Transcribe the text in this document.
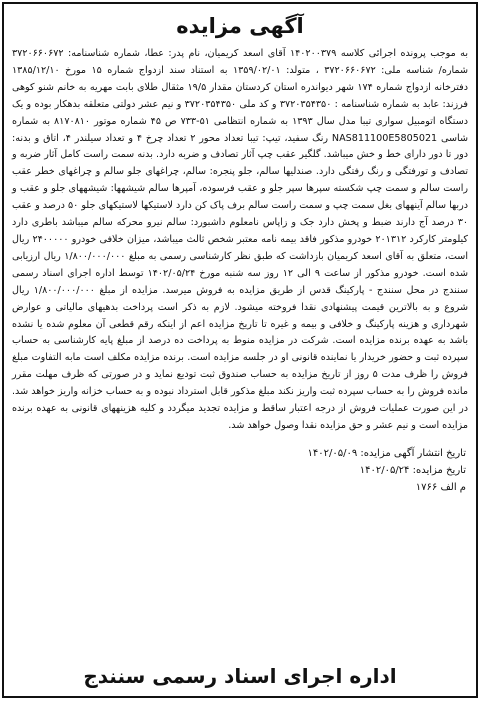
آگهی مزایده
به موجب پرونده اجرائی کلاسه ۱۴۰۲۰۰۳۷۹ آقای اسعد کریمیان، نام پدر: عطا، شماره شناسنامه: ۳۷۲۰۶۶۰۶۷۲ شماره/ شناسه ملی: ۳۷۲۰۶۶۰۶۷۲ ، متولد: ۱۳۵۹/۰۲/۰۱ به استناد سند ازدواج شماره ۱۵ مورخ ۱۳۸۵/۱۲/۱۰ دفترخانه ازدواج شماره ۱۷۴ شهر دیواندره استان کردستان مقدار ۱۹/۵ مثقال طلای بابت مهریه به خانم شنو کوهی فرزند: عابد به شماره شناسنامه : ۳۷۲۰۳۵۴۳۵۰ و کد ملی ۳۷۲۰۳۵۴۳۵۰ و نیم عشر دولتی متعلقه بدهکار بوده و یک دستگاه اتومبیل سواری تیبا مدل سال ۱۳۹۳ به شماره انتظامی ۵۱-۷۳۳ ص ۴۵ شماره موتور ۸۱۷۰۸۱۰ به شماره شاسی NAS811100E5805021 رنگ سفید، تیپ: تیبا تعداد محور ۲ تعداد چرخ ۴ و تعداد سیلندر ۴، اتاق و بدنه: دور تا دور دارای خط و خش میباشد. گلگیر عقب چپ آثار تصادف و ضربه دارد. بدنه سمت راست کامل آثار ضربه و تصادف و تورفتگی و رنگ رفتگی دارد. صندلیها سالم، جلو پنجره: سالم، چراغهای جلو سالم و چراغهای خطر عقب راست سالم و سمت چپ شکسته سپرها سپر جلو و عقب فرسوده، آمپرها سالم شیشهها: شیشههای جلو و عقب و دربها سالم آینههای بغل سمت چپ و سمت راست سالم برف پاک کن دارد لاستیکها لاستیکهای جلو ۵۰ درصد و عقب ۳۰ درصد آج دارند ضبط و پخش دارد جک و زاپاس نامعلوم داشبورد: سالم نیرو محرکه سالم میباشد باطری دارد کیلومتر کارکرد ۲۰۱۳۱۲ خودرو مذکور فاقد بیمه نامه معتبر شخص ثالث میباشد، میزان خلافی خودرو ۲۴۰۰۰۰۰ ریال است، متعلق به آقای اسعد کریمیان بازداشت که طبق نظر کارشناسی رسمی به مبلغ ۱/۸۰۰/۰۰۰/۰۰۰ ریال ارزیابی شده است. خودرو مذکور از ساعت ۹ الی ۱۲ روز سه شنبه مورخ ۱۴۰۲/۰۵/۲۴ توسط اداره اجرای اسناد رسمی سنندج در محل سنندج - پارکینگ قدس از طریق مزایده به فروش میرسد. مزایده از مبلغ ۱/۸۰۰/۰۰۰/۰۰۰ ریال شروع و به بالاترین قیمت پیشنهادی نقدا فروخته میشود. لازم به ذکر است پرداخت بدهیهای مالیاتی و عوارض شهرداری و هزینه پارکینگ و خلافی و بیمه و غیره تا تاریخ مزایده اعم از اینکه رقم قطعی آن معلوم شده یا نشده باشد به عهده برنده مزایده است. شرکت در مزایده منوط به پرداخت ده درصد از مبلغ پایه کارشناسی به حساب سپرده ثبت و حضور خریدار یا نماینده قانونی او در جلسه مزایده است. برنده مزایده مکلف است مابه التفاوت مبلغ فروش را ظرف مدت ۵ روز از تاریخ مزایده به حساب صندوق ثبت تودیع نماید و در صورتی که ظرف مهلت مقرر مانده فروش را به حساب سپرده ثبت واریز نکند مبلغ مذکور قابل استرداد نبوده و به حساب خزانه واریز خواهد شد. در این صورت عملیات فروش از درجه اعتبار ساقط و مزایده تجدید میگردد و کلیه هزینههای قانونی به عهده برنده مزایده است و نیم عشر و حق مزایده نقدا وصول خواهد شد.
تاریخ انتشار آگهی مزایده: ۱۴۰۲/۰۵/۰۹
تاریخ مزایده: ۱۴۰۲/۰۵/۲۴
م الف ۱۷۶۶
اداره اجرای اسناد رسمی سنندج
